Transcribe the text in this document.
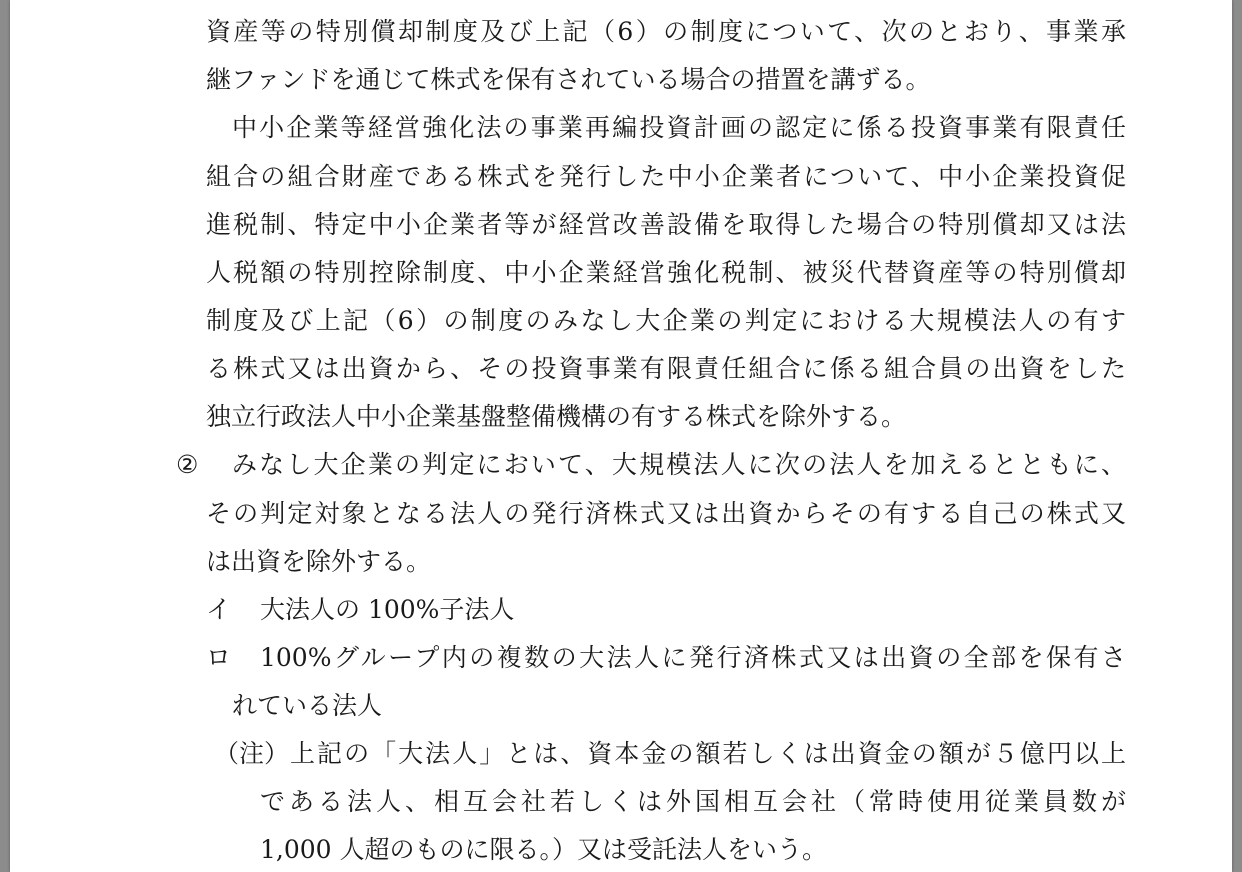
資産等の特別償却制度及び上記（6）の制度について、次のとおり、事業承
継ファンドを通じて株式を保有されている場合の措置を講ずる。
中小企業等経営強化法の事業再編投資計画の認定に係る投資事業有限責任
組合の組合財産である株式を発行した中小企業者について、中小企業投資促
進税制、特定中小企業者等が経営改善設備を取得した場合の特別償却又は法
人税額の特別控除制度、中小企業経営強化税制、被災代替資産等の特別償却
制度及び上記（6）の制度のみなし大企業の判定における大規模法人の有す
る株式又は出資から、その投資事業有限責任組合に係る組合員の出資をした
独立行政法人中小企業基盤整備機構の有する株式を除外する。
② みなし大企業の判定において、大規模法人に次の法人を加えるとともに、
その判定対象となる法人の発行済株式又は出資からその有する自己の株式又
は出資を除外する。
イ 大法人の 100%子法人
ロ 100%グループ内の複数の大法人に発行済株式又は出資の全部を保有さ
れている法人
（注） 上記の「大法人」とは、資本金の額若しくは出資金の額が５億円以上
である法人、相互会社若しくは外国相互会社（常時使用従業員数が
1,000 人超のものに限る。）又は受託法人をいう。
